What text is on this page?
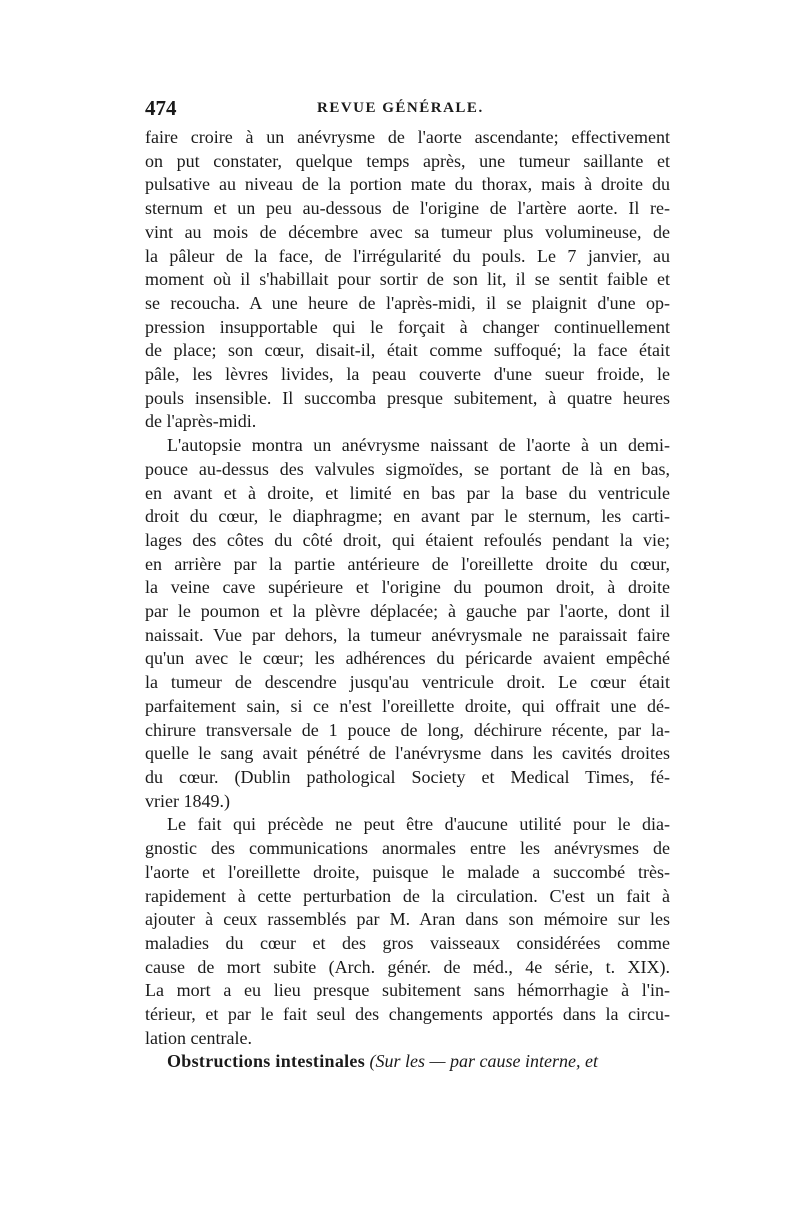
474	REVUE GÉNÉRALE.
faire croire à un anévrysme de l'aorte ascendante; effectivement
on put constater, quelque temps après, une tumeur saillante et
pulsative au niveau de la portion mate du thorax, mais à droite du
sternum et un peu au-dessous de l'origine de l'artère aorte. Il re-
vint au mois de décembre avec sa tumeur plus volumineuse, de
la pâleur de la face, de l'irrégularité du pouls. Le 7 janvier, au
moment où il s'habillait pour sortir de son lit, il se sentit faible et
se recoucha. A une heure de l'après-midi, il se plaignit d'une op-
pression insupportable qui le forçait à changer continuellement
de place; son cœur, disait-il, était comme suffoqué; la face était
pâle, les lèvres livides, la peau couverte d'une sueur froide, le
pouls insensible. Il succomba presque subitement, à quatre heures
de l'après-midi.
L'autopsie montra un anévrysme naissant de l'aorte à un demi-
pouce au-dessus des valvules sigmoïdes, se portant de là en bas,
en avant et à droite, et limité en bas par la base du ventricule
droit du cœur, le diaphragme; en avant par le sternum, les carti-
lages des côtes du côté droit, qui étaient refoulés pendant la vie;
en arrière par la partie antérieure de l'oreillette droite du cœur,
la veine cave supérieure et l'origine du poumon droit, à droite
par le poumon et la plèvre déplacée; à gauche par l'aorte, dont il
naissait. Vue par dehors, la tumeur anévrysmale ne paraissait faire
qu'un avec le cœur; les adhérences du péricarde avaient empêché
la tumeur de descendre jusqu'au ventricule droit. Le cœur était
parfaitement sain, si ce n'est l'oreillette droite, qui offrait une dé-
chirure transversale de 1 pouce de long, déchirure récente, par la-
quelle le sang avait pénétré de l'anévrysme dans les cavités droites
du cœur. (Dublin pathological Society et Medical Times, fé-
vrier 1849.)
Le fait qui précède ne peut être d'aucune utilité pour le dia-
gnostic des communications anormales entre les anévrysmes de
l'aorte et l'oreillette droite, puisque le malade a succombé très-
rapidement à cette perturbation de la circulation. C'est un fait à
ajouter à ceux rassemblés par M. Aran dans son mémoire sur les
maladies du cœur et des gros vaisseaux considérées comme
cause de mort subite (Arch. génér. de méd., 4e série, t. XIX).
La mort a eu lieu presque subitement sans hémorrhagie à l'in-
térieur, et par le fait seul des changements apportés dans la circu-
lation centrale.
Obstructions intestinales (Sur les — par cause interne, et
